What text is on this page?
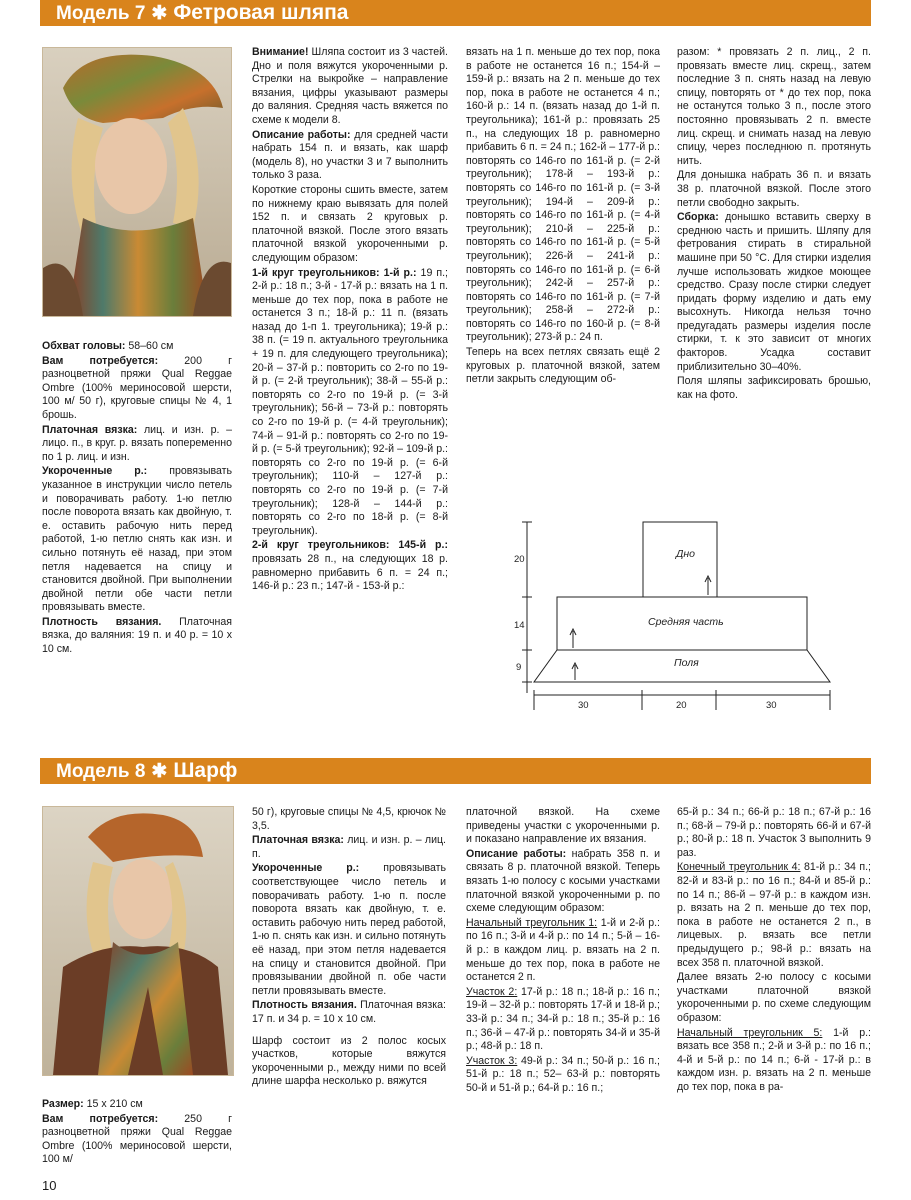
Модель 7 ✱ Фетровая шляпа

Обхват головы: 58–60 см

Вам потребуется: 200 г разноцветной пряжи Qual Reggae Ombre (100% мериносовой шерсти, 100 м/ 50 г), круговые спицы № 4, 1 брошь.

Платочная вязка: лиц. и изн. р. – лицо. п., в круг. р. вязать попеременно по 1 р. лиц. и изн.

Укороченные р.: провязывать указанное в инструкции число петель и поворачивать работу. 1-ю петлю после поворота вязать как двойную, т. е. оставить рабочую нить перед работой, 1-ю петлю снять как изн. и сильно потянуть её назад, при этом петля надевается на спицу и становится двойной. При выполнении двойной петли обе части петли провязывать вместе.

Плотность вязания. Платочная вязка, до валяния: 19 п. и 40 р. = 10 х 10 см.

Внимание! Шляпа состоит из 3 частей. Дно и поля вяжутся укороченными р. Стрелки на выкройке – направление вязания, цифры указывают размеры до валяния. Средняя часть вяжется по схеме к модели 8.

Описание работы: для средней части набрать 154 п. и вязать, как шарф (модель 8), но участки 3 и 7 выполнить только 3 раза.

Короткие стороны сшить вместе, затем по нижнему краю вывязать для полей 152 п. и связать 2 круговых р. платочной вязкой. После этого вязать платочной вязкой укороченными р. следующим образом:

1-й круг треугольников: 1-й р.: 19 п.; 2-й р.: 18 п.; 3-й - 17-й р.: вязать на 1 п. меньше до тех пор, пока в работе не останется 3 п.; 18-й р.: 11 п. (вязать назад до 1-п 1. треугольника); 19-й р.: 38 п. (= 19 п. актуального треугольника + 19 п. для следующего треугольника); 20-й – 37-й р.: повторить со 2-го по 19-й р. (= 2-й треугольник); 38-й – 55-й р.: повторять со 2-го по 19-й р. (= 3-й треугольник); 56-й – 73-й р.: повторять со 2-го по 19-й р. (= 4-й треугольник); 74-й – 91-й р.: повторять со 2-го по 19-й р. (= 5-й треугольник); 92-й – 109-й р.: повторять со 2-го по 19-й р. (= 6-й треугольник); 110-й – 127-й р.: повторять со 2-го по 19-й р. (= 7-й треугольник); 128-й – 144-й р.: повторять со 2-го по 18-й р. (= 8-й треугольник).

2-й круг треугольников: 145-й р.: провязать 28 п., на следующих 18 р. равномерно прибавить 6 п. = 24 п.; 146-й р.: 23 п.; 147-й - 153-й р.:

вязать на 1 п. меньше до тех пор, пока в работе не останется 16 п.; 154-й – 159-й р.: вязать на 2 п. меньше до тех пор, пока в работе не останется 4 п.; 160-й р.: 14 п. (вязать назад до 1-й п. треугольника); 161-й р.: провязать 25 п., на следующих 18 р. равномерно прибавить 6 п. = 24 п.; 162-й – 177-й р.: повторять со 146-го по 161-й р. (= 2-й треугольник); 178-й – 193-й р.: повторять со 146-го по 161-й р. (= 3-й треугольник); 194-й – 209-й р.: повторять со 146-го по 161-й р. (= 4-й треугольник); 210-й – 225-й р.: повторять со 146-го по 161-й р. (= 5-й треугольник); 226-й – 241-й р.: повторять со 146-го по 161-й р. (= 6-й треугольник); 242-й – 257-й р.: повторять со 146-го по 161-й р. (= 7-й треугольник); 258-й – 272-й р.: повторять со 146-го по 160-й р. (= 8-й треугольник); 273-й р.: 24 п.

Теперь на всех петлях связать ещё 2 круговых р. платочной вязкой, затем петли закрыть следующим об-

разом: * провязать 2 п. лиц., 2 п. провязать вместе лиц. скрещ., затем последние 3 п. снять назад на левую спицу, повторять от * до тех пор, пока не останутся только 3 п., после этого постоянно провязывать 2 п. вместе лиц. скрещ. и снимать назад на левую спицу, через последнюю п. протянуть нить.

Для донышка набрать 36 п. и вязать 38 р. платочной вязкой. После этого петли свободно закрыть.

Сборка: донышко вставить сверху в среднюю часть и пришить. Шляпу для фетрования стирать в стиральной машине при 50 °C. Для стирки изделия лучше использовать жидкое моющее средство. Сразу после стирки следует придать форму изделию и дать ему высохнуть. Никогда нельзя точно предугадать размеры изделия после стирки, т. к это зависит от многих факторов. Усадка составит приблизительно 30–40%.

Поля шляпы зафиксировать брошью, как на фото.

Дно
Средняя часть
Поля
20
14
9
30	20	30
Модель 8 ✱ Шарф

Размер: 15 х 210 см

Вам потребуется: 250 г разноцветной пряжи Qual Reggae Ombre (100% мериносовой шерсти, 100 м/

50 г), круговые спицы № 4,5, крючок № 3,5.

Платочная вязка: лиц. и изн. р. – лиц. п.

Укороченные р.: провязывать соответствующее число петель и поворачивать работу. 1-ю п. после поворота вязать как двойную, т. е. оставить рабочую нить перед работой, 1-ю п. снять как изн. и сильно потянуть её назад, при этом петля надевается на спицу и становится двойной. При провязывании двойной п. обе части петли провязывать вместе.

Плотность вязания. Платочная вязка: 17 п. и 34 р. = 10 х 10 см.

Шарф состоит из 2 полос косых участков, которые вяжутся укороченными р., между ними по всей длине шарфа несколько р. вяжутся

платочной вязкой. На схеме приведены участки с укороченными р. и показано направление их вязания.

Описание работы: набрать 358 п. и связать 8 р. платочной вязкой. Теперь вязать 1-ю полосу с косыми участками платочной вязкой укороченными р. по схеме следующим образом:

Начальный треугольник 1: 1-й и 2-й р.: по 16 п.; 3-й и 4-й р.: по 14 п.; 5-й – 16-й р.: в каждом лиц. р. вязать на 2 п. меньше до тех пор, пока в работе не останется 2 п.

Участок 2: 17-й р.: 18 п.; 18-й р.: 16 п.; 19-й – 32-й р.: повторять 17-й и 18-й р.; 33-й р.: 34 п.; 34-й р.: 18 п.; 35-й р.: 16 п.; 36-й – 47-й р.: повторять 34-й и 35-й р.; 48-й р.: 18 п.

Участок 3: 49-й р.: 34 п.; 50-й р.: 16 п.; 51-й р.: 18 п.; 52– 63-й р.: повторять 50-й и 51-й р.; 64-й р.: 16 п.;

65-й р.: 34 п.; 66-й р.: 18 п.; 67-й р.: 16 п.; 68-й – 79-й р.: повторять 66-й и 67-й р.; 80-й р.: 18 п. Участок 3 выполнить 9 раз.

Конечный треугольник 4: 81-й р.: 34 п.; 82-й и 83-й р.: по 16 п.; 84-й и 85-й р.: по 14 п.; 86-й – 97-й р.: в каждом изн. р. вязать на 2 п. меньше до тех пор, пока в работе не останется 2 п., в лицевых. р. вязать все петли предыдущего р.; 98-й р.: вязать на всех 358 п. платочной вязкой.

Далее вязать 2-ю полосу с косыми участками платочной вязкой укороченными р. по схеме следующим образом:

Начальный треугольник 5: 1-й р.: вязать все 358 п.; 2-й и 3-й р.: по 16 п.; 4-й и 5-й р.: по 14 п.; 6-й - 17-й р.: в каждом изн. р. вязать на 2 п. меньше до тех пор, пока в ра-

10
